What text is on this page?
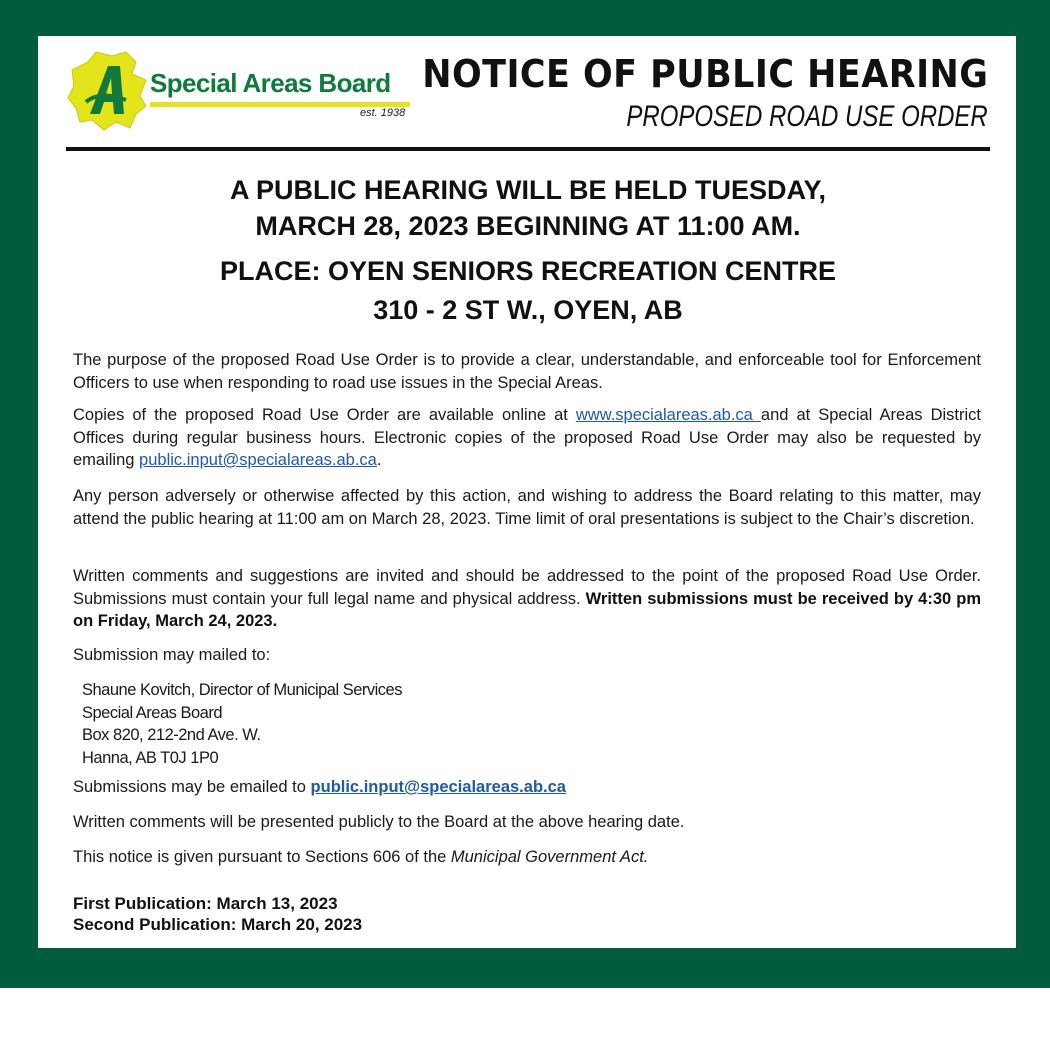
Special Areas Board
est. 1938
NOTICE OF PUBLIC HEARING
PROPOSED ROAD USE ORDER
A PUBLIC HEARING WILL BE HELD TUESDAY,
MARCH 28, 2023 BEGINNING AT 11:00 AM.
PLACE: OYEN SENIORS RECREATION CENTRE
310 - 2 ST W., OYEN, AB
The purpose of the proposed Road Use Order is to provide a clear, understandable, and enforceable tool for Enforcement Officers to use when responding to road use issues in the Special Areas.
Copies of the proposed Road Use Order are available online at www.specialareas.ab.ca and at Special Areas District Offices during regular business hours. Electronic copies of the proposed Road Use Order may also be requested by emailing public.input@specialareas.ab.ca.
Any person adversely or otherwise affected by this action, and wishing to address the Board relating to this matter, may attend the public hearing at 11:00 am on March 28, 2023. Time limit of oral presentations is subject to the Chair’s discretion.
Written comments and suggestions are invited and should be addressed to the point of the proposed Road Use Order. Submissions must contain your full legal name and physical address. Written submissions must be received by 4:30 pm on Friday, March 24, 2023.
Submission may mailed to:
Shaune Kovitch, Director of Municipal Services
Special Areas Board
Box 820, 212-2nd Ave. W.
Hanna, AB T0J 1P0
Submissions may be emailed to public.input@specialareas.ab.ca
Written comments will be presented publicly to the Board at the above hearing date.
This notice is given pursuant to Sections 606 of the Municipal Government Act.
First Publication: March 13, 2023
Second Publication: March 20, 2023
